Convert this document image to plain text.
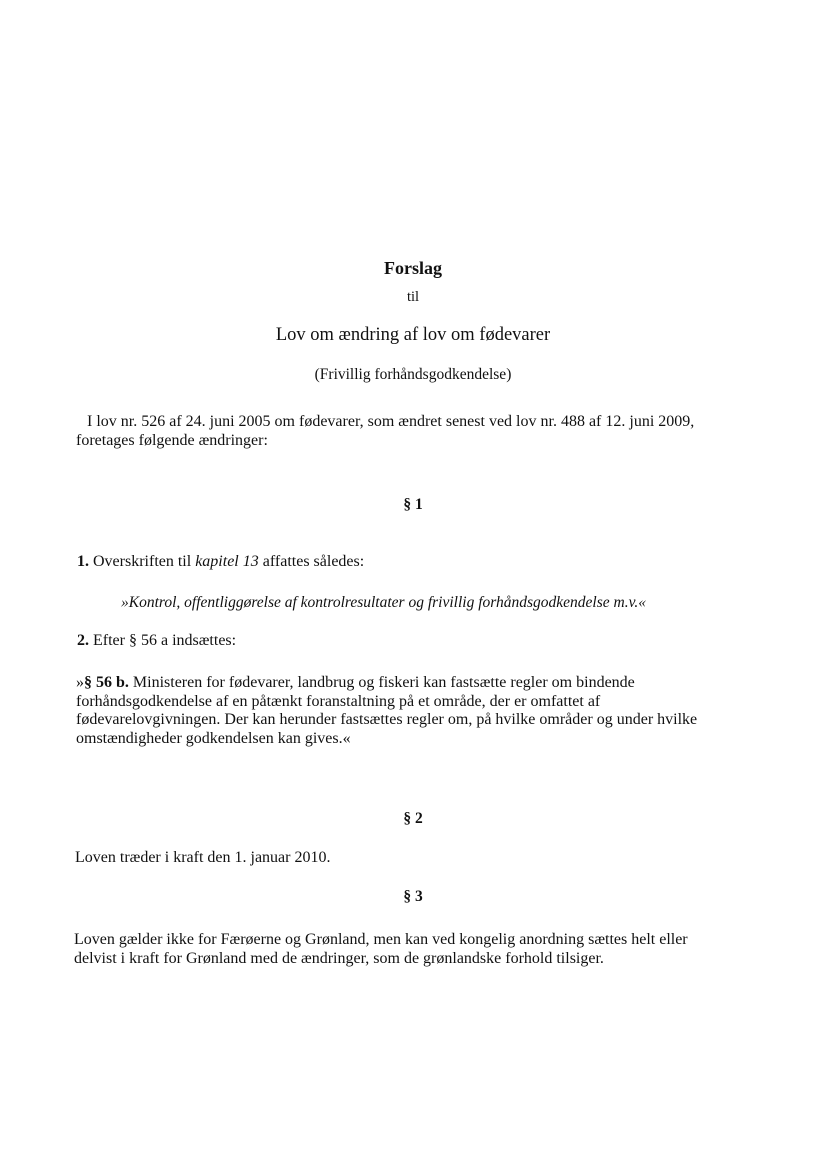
Forslag
til
Lov om ændring af lov om fødevarer
(Frivillig forhåndsgodkendelse)
I lov nr. 526 af 24. juni 2005 om fødevarer, som ændret senest ved lov nr. 488 af 12. juni 2009,
foretages følgende ændringer:
§ 1
1. Overskriften til kapitel 13 affattes således:
»Kontrol, offentliggørelse af kontrolresultater og frivillig forhåndsgodkendelse m.v.«
2. Efter § 56 a indsættes:
»§ 56 b. Ministeren for fødevarer, landbrug og fiskeri kan fastsætte regler om bindende
forhåndsgodkendelse af en påtænkt foranstaltning på et område, der er omfattet af
fødevarelovgivningen. Der kan herunder fastsættes regler om, på hvilke områder og under hvilke
omstændigheder godkendelsen kan gives.«
§ 2
Loven træder i kraft den 1. januar 2010.
§ 3
Loven gælder ikke for Færøerne og Grønland, men kan ved kongelig anordning sættes helt eller
delvist i kraft for Grønland med de ændringer, som de grønlandske forhold tilsiger.
